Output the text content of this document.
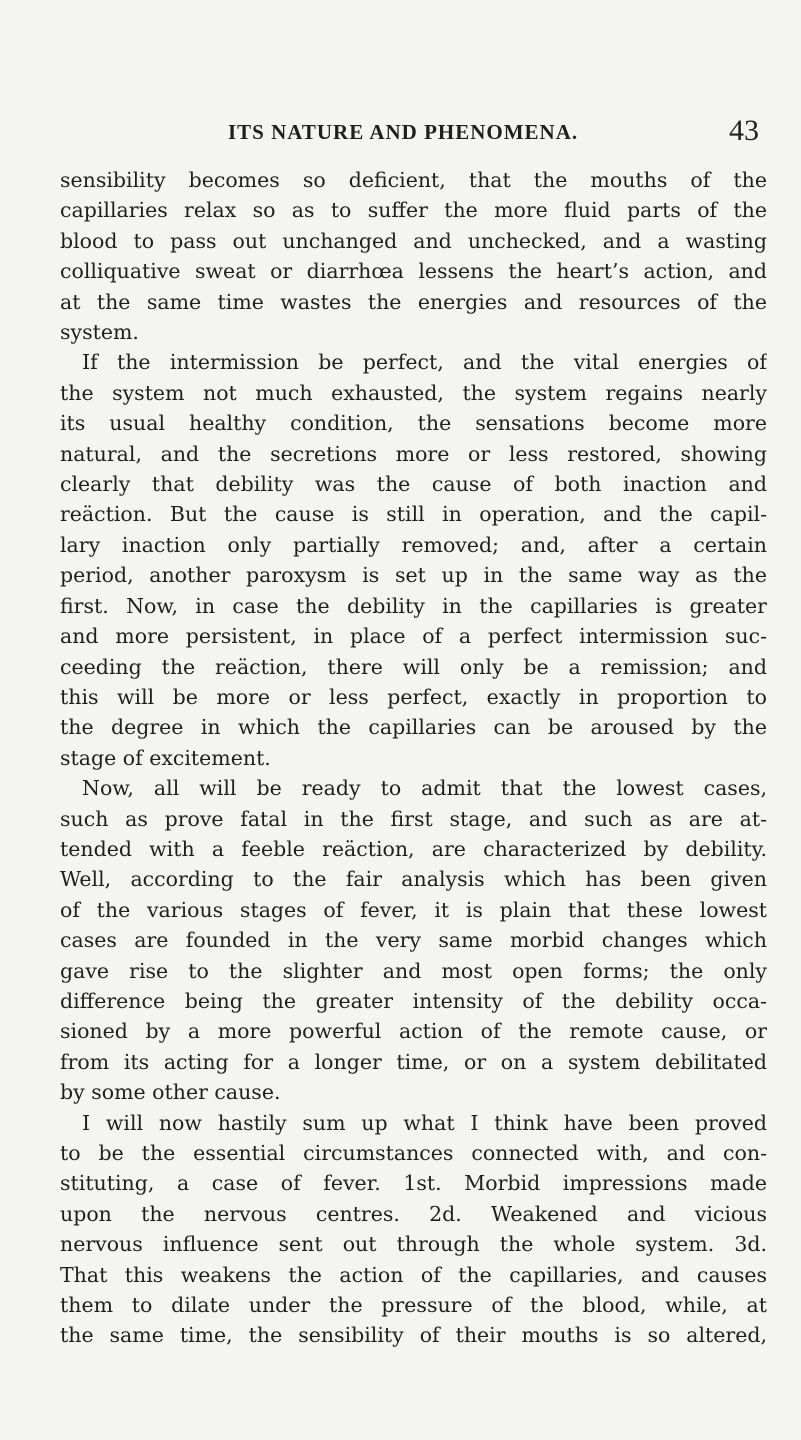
ITS NATURE AND PHENOMENA.	43
sensibility becomes so deficient, that the mouths of the
capillaries relax so as to suffer the more fluid parts of the
blood to pass out unchanged and unchecked, and a wasting
colliquative sweat or diarrhœa lessens the heart’s action, and
at the same time wastes the energies and resources of the
system.
If the intermission be perfect, and the vital energies of
the system not much exhausted, the system regains nearly
its usual healthy condition, the sensations become more
natural, and the secretions more or less restored, showing
clearly that debility was the cause of both inaction and
reäction. But the cause is still in operation, and the capil-
lary inaction only partially removed; and, after a certain
period, another paroxysm is set up in the same way as the
first. Now, in case the debility in the capillaries is greater
and more persistent, in place of a perfect intermission suc-
ceeding the reäction, there will only be a remission; and
this will be more or less perfect, exactly in proportion to
the degree in which the capillaries can be aroused by the
stage of excitement.
Now, all will be ready to admit that the lowest cases,
such as prove fatal in the first stage, and such as are at-
tended with a feeble reäction, are characterized by debility.
Well, according to the fair analysis which has been given
of the various stages of fever, it is plain that these lowest
cases are founded in the very same morbid changes which
gave rise to the slighter and most open forms; the only
difference being the greater intensity of the debility occa-
sioned by a more powerful action of the remote cause, or
from its acting for a longer time, or on a system debilitated
by some other cause.
I will now hastily sum up what I think have been proved
to be the essential circumstances connected with, and con-
stituting, a case of fever. 1st. Morbid impressions made
upon the nervous centres. 2d. Weakened and vicious
nervous influence sent out through the whole system. 3d.
That this weakens the action of the capillaries, and causes
them to dilate under the pressure of the blood, while, at
the same time, the sensibility of their mouths is so altered,
